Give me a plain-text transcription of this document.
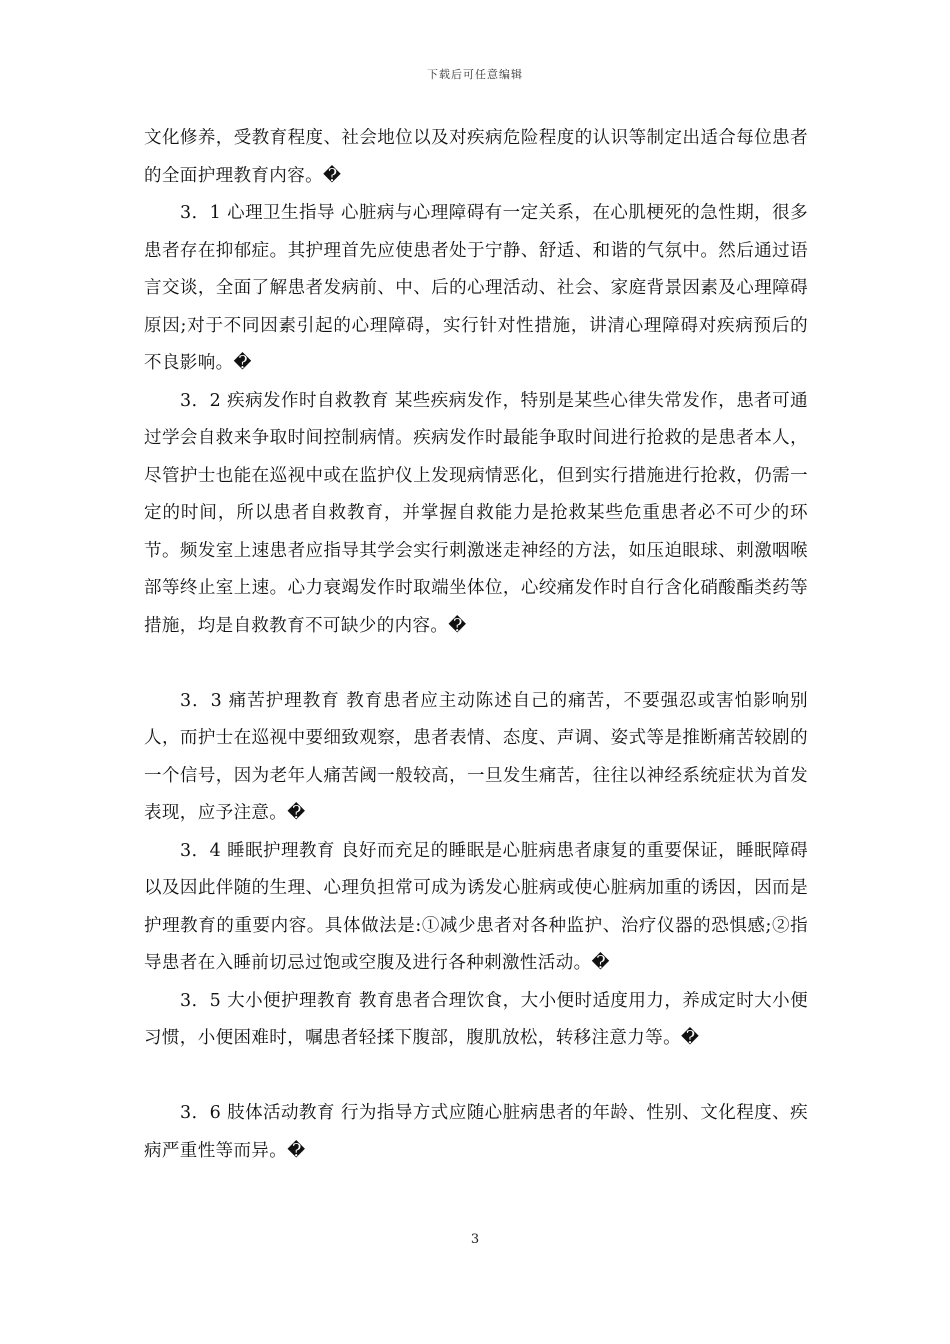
下载后可任意编辑

文化修养，受教育程度、社会地位以及对疾病危险程度的认识等制定出适合每位患者的全面护理教育内容。�

3．1 心理卫生指导 心脏病与心理障碍有一定关系，在心肌梗死的急性期，很多患者存在抑郁症。其护理首先应使患者处于宁静、舒适、和谐的气氛中。然后通过语言交谈，全面了解患者发病前、中、后的心理活动、社会、家庭背景因素及心理障碍原因;对于不同因素引起的心理障碍，实行针对性措施，讲清心理障碍对疾病预后的不良影响。�

3．2 疾病发作时自救教育 某些疾病发作，特别是某些心律失常发作，患者可通过学会自救来争取时间控制病情。疾病发作时最能争取时间进行抢救的是患者本人，尽管护士也能在巡视中或在监护仪上发现病情恶化，但到实行措施进行抢救，仍需一定的时间，所以患者自救教育，并掌握自救能力是抢救某些危重患者必不可少的环节。频发室上速患者应指导其学会实行刺激迷走神经的方法，如压迫眼球、刺激咽喉部等终止室上速。心力衰竭发作时取端坐体位，心绞痛发作时自行含化硝酸酯类药等措施，均是自救教育不可缺少的内容。�

3．3 痛苦护理教育 教育患者应主动陈述自己的痛苦，不要强忍或害怕影响别人，而护士在巡视中要细致观察，患者表情、态度、声调、姿式等是推断痛苦较剧的一个信号，因为老年人痛苦阈一般较高，一旦发生痛苦，往往以神经系统症状为首发表现，应予注意。�

3．4 睡眠护理教育 良好而充足的睡眠是心脏病患者康复的重要保证，睡眠障碍以及因此伴随的生理、心理负担常可成为诱发心脏病或使心脏病加重的诱因，因而是护理教育的重要内容。具体做法是:①减少患者对各种监护、治疗仪器的恐惧感;②指导患者在入睡前切忌过饱或空腹及进行各种刺激性活动。�

3．5 大小便护理教育 教育患者合理饮食，大小便时适度用力，养成定时大小便习惯，小便困难时，嘱患者轻揉下腹部，腹肌放松，转移注意力等。�

3．6 肢体活动教育 行为指导方式应随心脏病患者的年龄、性别、文化程度、疾病严重性等而异。�

3
